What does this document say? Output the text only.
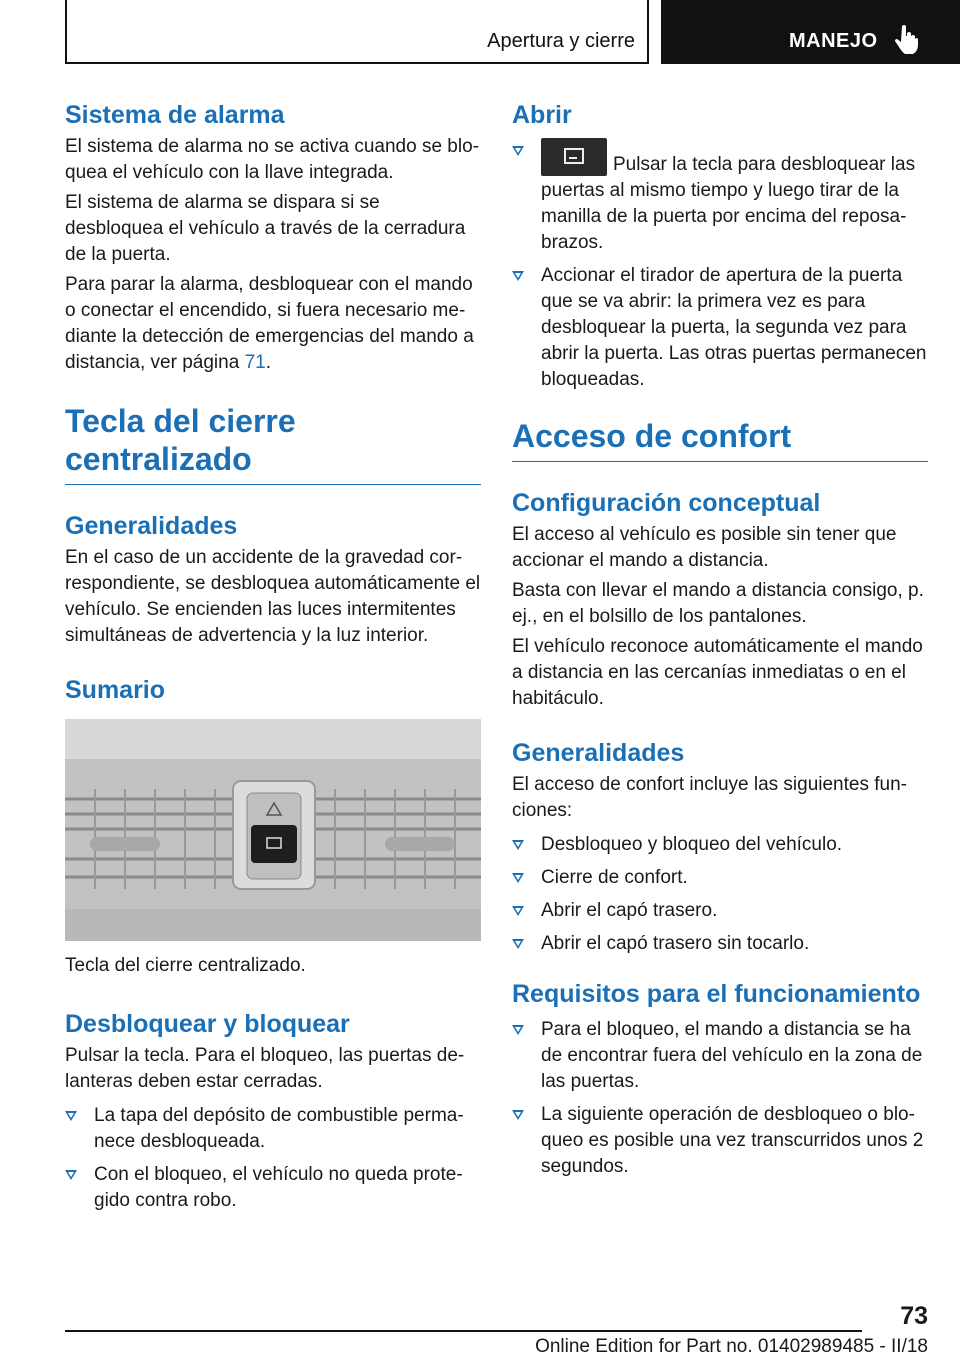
Apertura y cierre	MANEJO
Sistema de alarma

El sistema de alarma no se activa cuando se bloquea el vehículo con la llave integrada.

El sistema de alarma se dispara si se desbloquea el vehículo a través de la cerradura de la puerta.

Para parar la alarma, desbloquear con el mando o conectar el encendido, si fuera necesario mediante la detección de emergencias del mando a distancia, ver página 71.

Tecla del cierre centralizado
Generalidades

En el caso de un accidente de la gravedad correspondiente, se desbloquea automáticamente el vehículo. Se encienden las luces intermitentes simultáneas de advertencia y la luz interior.

Sumario

Tecla del cierre centralizado.

Desbloquear y bloquear

Pulsar la tecla. Para el bloqueo, las puertas delanteras deben estar cerradas.

La tapa del depósito de combustible permanece desbloqueada.
Con el bloqueo, el vehículo no queda protegido contra robo.
Abrir
Pulsar la tecla para desbloquear las puertas al mismo tiempo y luego tirar de la manilla de la puerta por encima del reposabrazos.
Accionar el tirador de apertura de la puerta que se va abrir: la primera vez es para desbloquear la puerta, la segunda vez para abrir la puerta. Las otras puertas permanecen bloqueadas.
Acceso de confort
Configuración conceptual

El acceso al vehículo es posible sin tener que accionar el mando a distancia.

Basta con llevar el mando a distancia consigo, p. ej., en el bolsillo de los pantalones.

El vehículo reconoce automáticamente el mando a distancia en las cercanías inmediatas o en el habitáculo.

Generalidades

El acceso de confort incluye las siguientes funciones:

Desbloqueo y bloqueo del vehículo.
Cierre de confort.
Abrir el capó trasero.
Abrir el capó trasero sin tocarlo.
Requisitos para el funcionamiento
Para el bloqueo, el mando a distancia se ha de encontrar fuera del vehículo en la zona de las puertas.
La siguiente operación de desbloqueo o bloqueo es posible una vez transcurridos unos 2 segundos.
73
Online Edition for Part no. 01402989485 - II/18
